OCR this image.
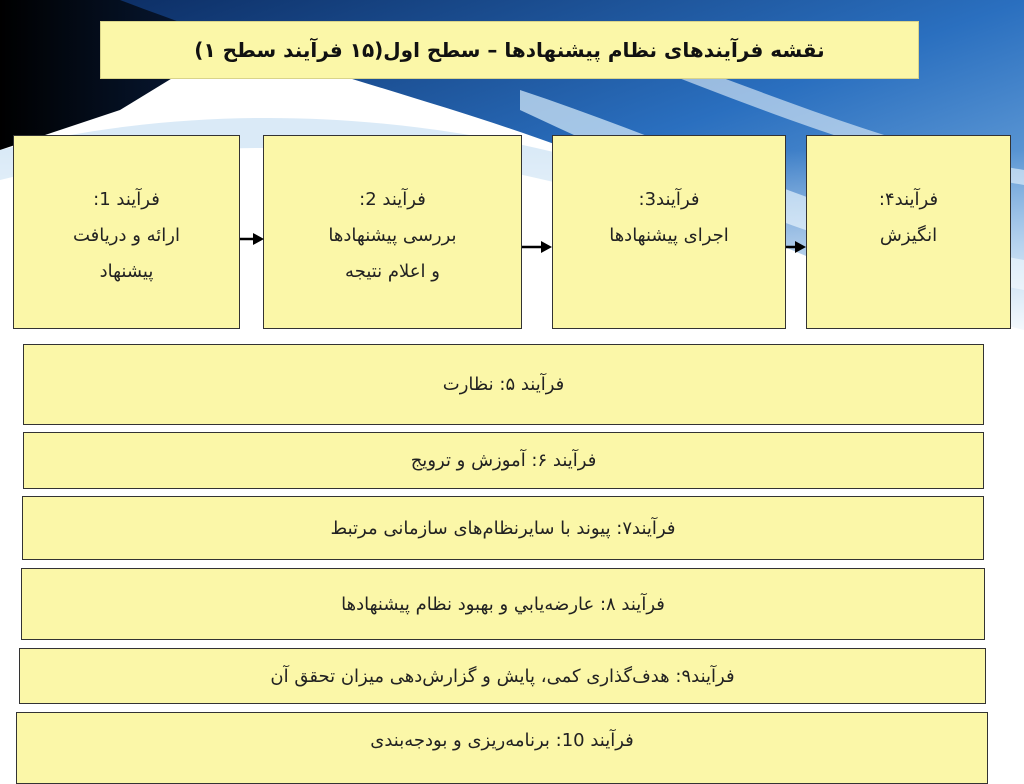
نقشه فرآیندهای نظام پیشنهادها – سطح اول(۱۵ فرآیند سطح ۱)
فرآیند 1:
ارائه و دریافت
پیشنهاد
فرآیند 2:
بررسی پیشنهادها
و اعلام نتیجه
فرآیند3:
اجرای پیشنهادها
فرآیند۴:
انگیزش
فرآیند ۵: نظارت
فرآیند ۶: آموزش و ترویج
فرآیند۷: پیوند با سایرنظام‌های سازمانی مرتبط
فرآیند ۸: عارضه‌یابي و بهبود نظام پیشنهادها
فرآیند۹: هدف‌گذاری کمی، پایش و گزارش‌دهی میزان تحقق آن
فرآیند 10: برنامه‌ریزی و بودجه‌بندی
